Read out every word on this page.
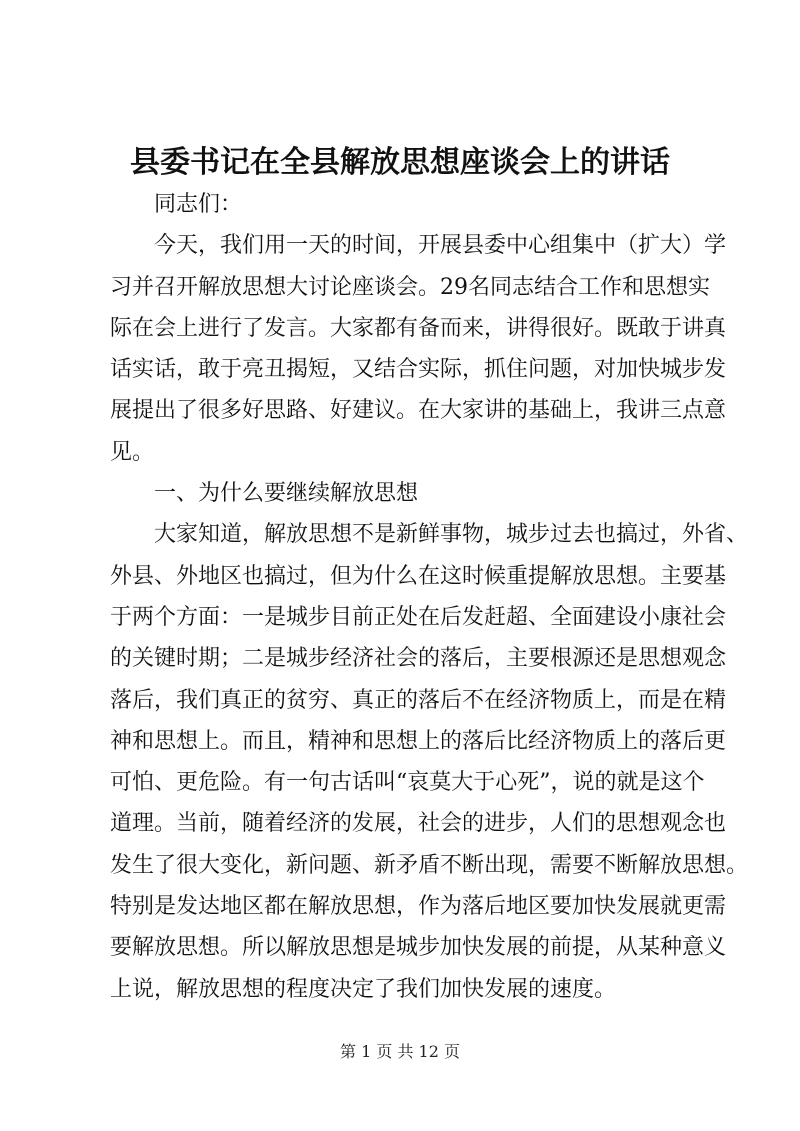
县委书记在全县解放思想座谈会上的讲话
同志们：
今天，我们用一天的时间，开展县委中心组集中（扩大）学
习并召开解放思想大讨论座谈会。29名同志结合工作和思想实
际在会上进行了发言。大家都有备而来，讲得很好。既敢于讲真
话实话，敢于亮丑揭短，又结合实际，抓住问题，对加快城步发
展提出了很多好思路、好建议。在大家讲的基础上，我讲三点意
见。
一、为什么要继续解放思想
大家知道，解放思想不是新鲜事物，城步过去也搞过，外省、
外县、外地区也搞过，但为什么在这时候重提解放思想。主要基
于两个方面：一是城步目前正处在后发赶超、全面建设小康社会
的关键时期；二是城步经济社会的落后，主要根源还是思想观念
落后，我们真正的贫穷、真正的落后不在经济物质上，而是在精
神和思想上。而且，精神和思想上的落后比经济物质上的落后更
可怕、更危险。有一句古话叫“哀莫大于心死”，说的就是这个
道理。当前，随着经济的发展，社会的进步，人们的思想观念也
发生了很大变化，新问题、新矛盾不断出现，需要不断解放思想。
特别是发达地区都在解放思想，作为落后地区要加快发展就更需
要解放思想。所以解放思想是城步加快发展的前提，从某种意义
上说，解放思想的程度决定了我们加快发展的速度。
第 1 页 共 12 页
